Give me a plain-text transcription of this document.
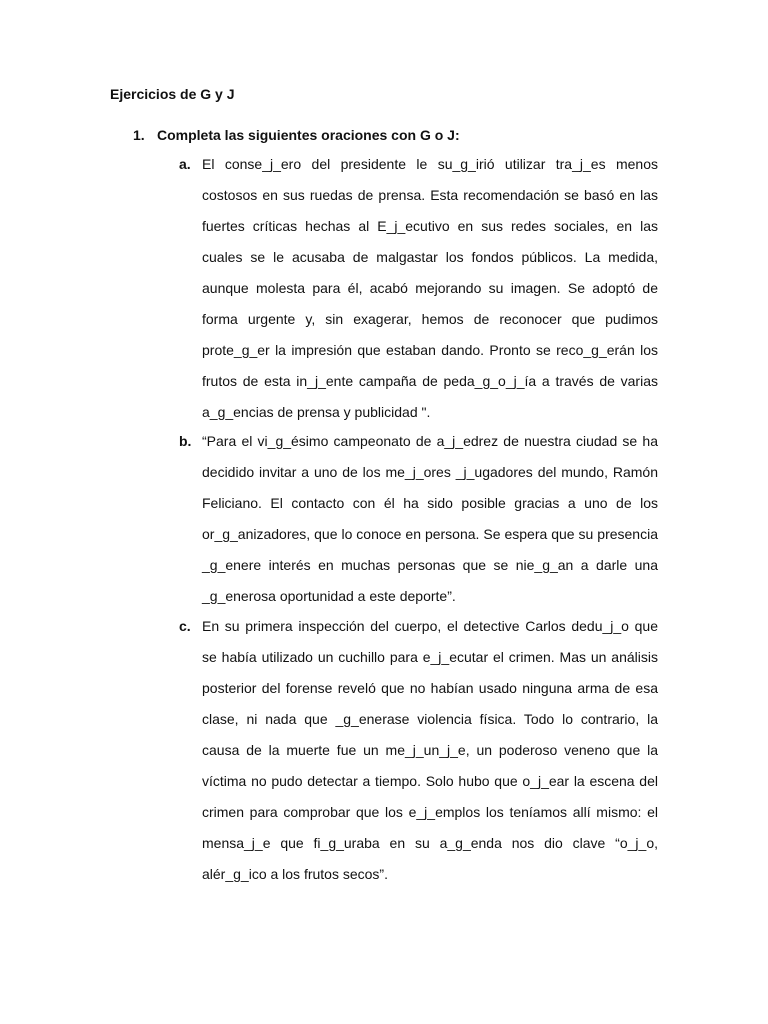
Ejercicios de G y J
1. Completa las siguientes oraciones con G o J:
a. El conse_j_ero del presidente le su_g_irió utilizar tra_j_es menos costosos en sus ruedas de prensa. Esta recomendación se basó en las fuertes críticas hechas al E_j_ecutivo en sus redes sociales, en las cuales se le acusaba de malgastar los fondos públicos. La medida, aunque molesta para él, acabó mejorando su imagen. Se adoptó de forma urgente y, sin exagerar, hemos de reconocer que pudimos prote_g_er la impresión que estaban dando. Pronto se reco_g_erán los frutos de esta in_j_ente campaña de peda_g_o_j_ía a través de varias a_g_encias de prensa y publicidad ".

b. “Para el vi_g_ésimo campeonato de a_j_edrez de nuestra ciudad se ha decidido invitar a uno de los me_j_ores _j_ugadores del mundo, Ramón Feliciano. El contacto con él ha sido posible gracias a uno de los or_g_anizadores, que lo conoce en persona. Se espera que su presencia _g_enere interés en muchas personas que se nie_g_an a darle una _g_enerosa oportunidad a este deporte”.

c. En su primera inspección del cuerpo, el detective Carlos dedu_j_o que se había utilizado un cuchillo para e_j_ecutar el crimen. Mas un análisis posterior del forense reveló que no habían usado ninguna arma de esa clase, ni nada que _g_enerase violencia física. Todo lo contrario, la causa de la muerte fue un me_j_un_j_e, un poderoso veneno que la víctima no pudo detectar a tiempo. Solo hubo que o_j_ear la escena del crimen para comprobar que los e_j_emplos los teníamos allí mismo: el mensa_j_e que fi_g_uraba en su a_g_enda nos dio clave “o_j_o, alér_g_ico a los frutos secos”.
